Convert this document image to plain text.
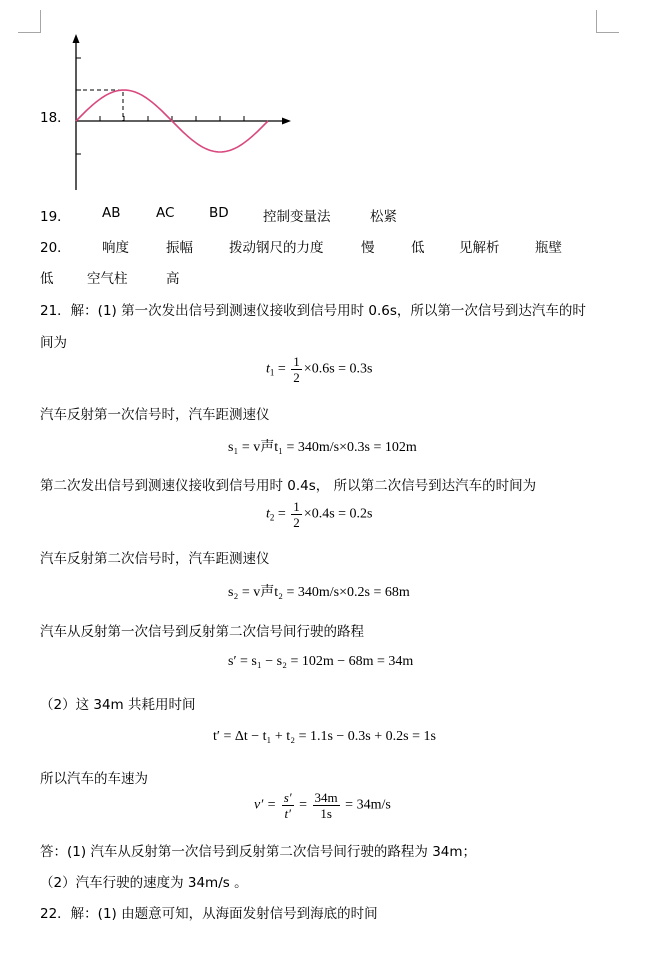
18．
19． AB	AC	BD	控制变量法	松紧
20． 响度	振幅	拨动钢尺的力度	慢	低	见解析	瓶壁
低 空气柱	高
21．解：(1) 第一次发出信号到测速仪接收到信号用时 0.6s，所以第一次信号到达汽车的时
间为
$t_1 = \frac{1}{2} \times 0.6s = 0.3s$
汽车反射第一次信号时，汽车距测速仪
s₁ = v声t₁ = 340m/s×0.3s = 102m
第二次发出信号到测速仪接收到信号用时 0.4s， 所以第二次信号到达汽车的时间为
$t_2 = \frac{1}{2} \times 0.4s = 0.2s$
汽车反射第二次信号时，汽车距测速仪
s₂ = v声t₂ = 340m/s×0.2s = 68m
汽车从反射第一次信号到反射第二次信号间行驶的路程
s′ = s₁ − s₂ = 102m − 68m = 34m
（2）这 34m 共耗用时间
t′ = Δt − t₁ + t₂ = 1.1s − 0.3s + 0.2s = 1s
所以汽车的车速为
$v' = \frac{s'}{t'} = \frac{34m}{1s} = 34m/s$
答：(1) 汽车从反射第一次信号到反射第二次信号间行驶的路程为 34m；
（2）汽车行驶的速度为 34m/s 。
22．解：(1) 由题意可知，从海面发射信号到海底的时间
